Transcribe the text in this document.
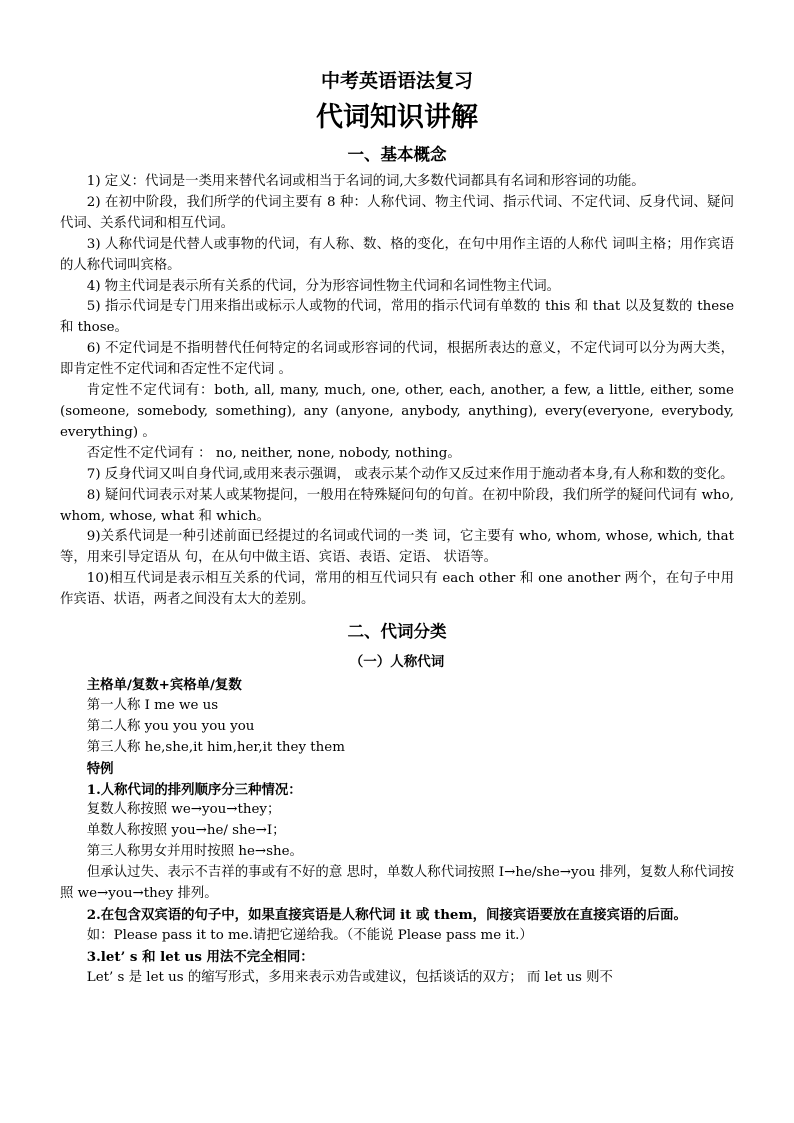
中考英语语法复习
代词知识讲解
一、基本概念

1) 定义：代词是一类用来替代名词或相当于名词的词,大多数代词都具有名词和形容词的功能。

2) 在初中阶段，我们所学的代词主要有 8 种：人称代词、物主代词、指示代词、不定代词、反身代词、疑问代词、关系代词和相互代词。

3) 人称代词是代替人或事物的代词，有人称、数、格的变化，在句中用作主语的人称代 词叫主格；用作宾语的人称代词叫宾格。

4) 物主代词是表示所有关系的代词，分为形容词性物主代词和名词性物主代词。

5) 指示代词是专门用来指出或标示人或物的代词，常用的指示代词有单数的 this 和 that 以及复数的 these 和 those。

6) 不定代词是不指明替代任何特定的名词或形容词的代词，根据所表达的意义，不定代词可以分为两大类，即肯定性不定代词和否定性不定代词 。

肯定性不定代词有：both, all, many, much, one, other, each, another, a few, a little, either, some (someone, somebody, something), any (anyone, anybody, anything), every(everyone, everybody, everything) 。

否定性不定代词有 ： no, neither, none, nobody, nothing。

7) 反身代词又叫自身代词,或用来表示强调， 或表示某个动作又反过来作用于施动者本身,有人称和数的变化。

8) 疑问代词表示对某人或某物提问，一般用在特殊疑问句的句首。在初中阶段，我们所学的疑问代词有 who, whom, whose, what 和 which。

9)关系代词是一种引述前面已经提过的名词或代词的一类 词，它主要有 who, whom, whose, which, that 等，用来引导定语从 句，在从句中做主语、宾语、表语、定语、 状语等。

10)相互代词是表示相互关系的代词，常用的相互代词只有 each other 和 one another 两个，在句子中用作宾语、状语，两者之间没有太大的差别。

二、代词分类
（一）人称代词

主格单/复数+宾格单/复数

第一人称 I me we us

第二人称 you you you you

第三人称 he,she,it him,her,it they them

特例

1.人称代词的排列顺序分三种情况：

复数人称按照 we→you→they；

单数人称按照 you→he/ she→I；

第三人称男女并用时按照 he→she。

但承认过失、表示不吉祥的事或有不好的意 思时，单数人称代词按照 I→he/she→you 排列，复数人称代词按照 we→you→they 排列。

2.在包含双宾语的句子中，如果直接宾语是人称代词 it 或 them，间接宾语要放在直接宾语的后面。

如：Please pass it to me.请把它递给我。（不能说 Please pass me it.）

3.let’ s 和 let us 用法不完全相同：

Let’ s 是 let us 的缩写形式，多用来表示劝告或建议，包括谈话的双方； 而 let us 则不
